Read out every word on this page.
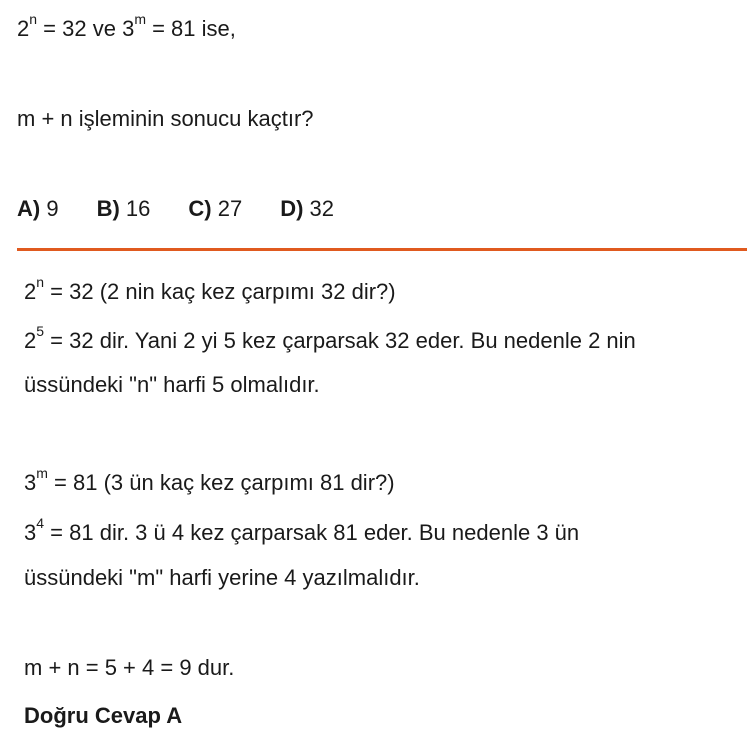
$2^n = 32$ ve $3^m = 81$ ise,
m + n işleminin sonucu kaçtır?
A) 9 B) 16 C) 27 D) 32
$2^n = 32$ (2 nin kaç kez çarpımı 32 dir?)
$2^5 = 32$ dir. Yani 2 yi 5 kez çarparsak 32 eder. Bu nedenle 2 nin
üssündeki "n" harfi 5 olmalıdır.
$3^m = 81$ (3 ün kaç kez çarpımı 81 dir?)
$3^4 = 81$ dir. 3 ü 4 kez çarparsak 81 eder. Bu nedenle 3 ün
üssündeki "m" harfi yerine 4 yazılmalıdır.
m + n = 5 + 4 = 9 dur.
Doğru Cevap A
